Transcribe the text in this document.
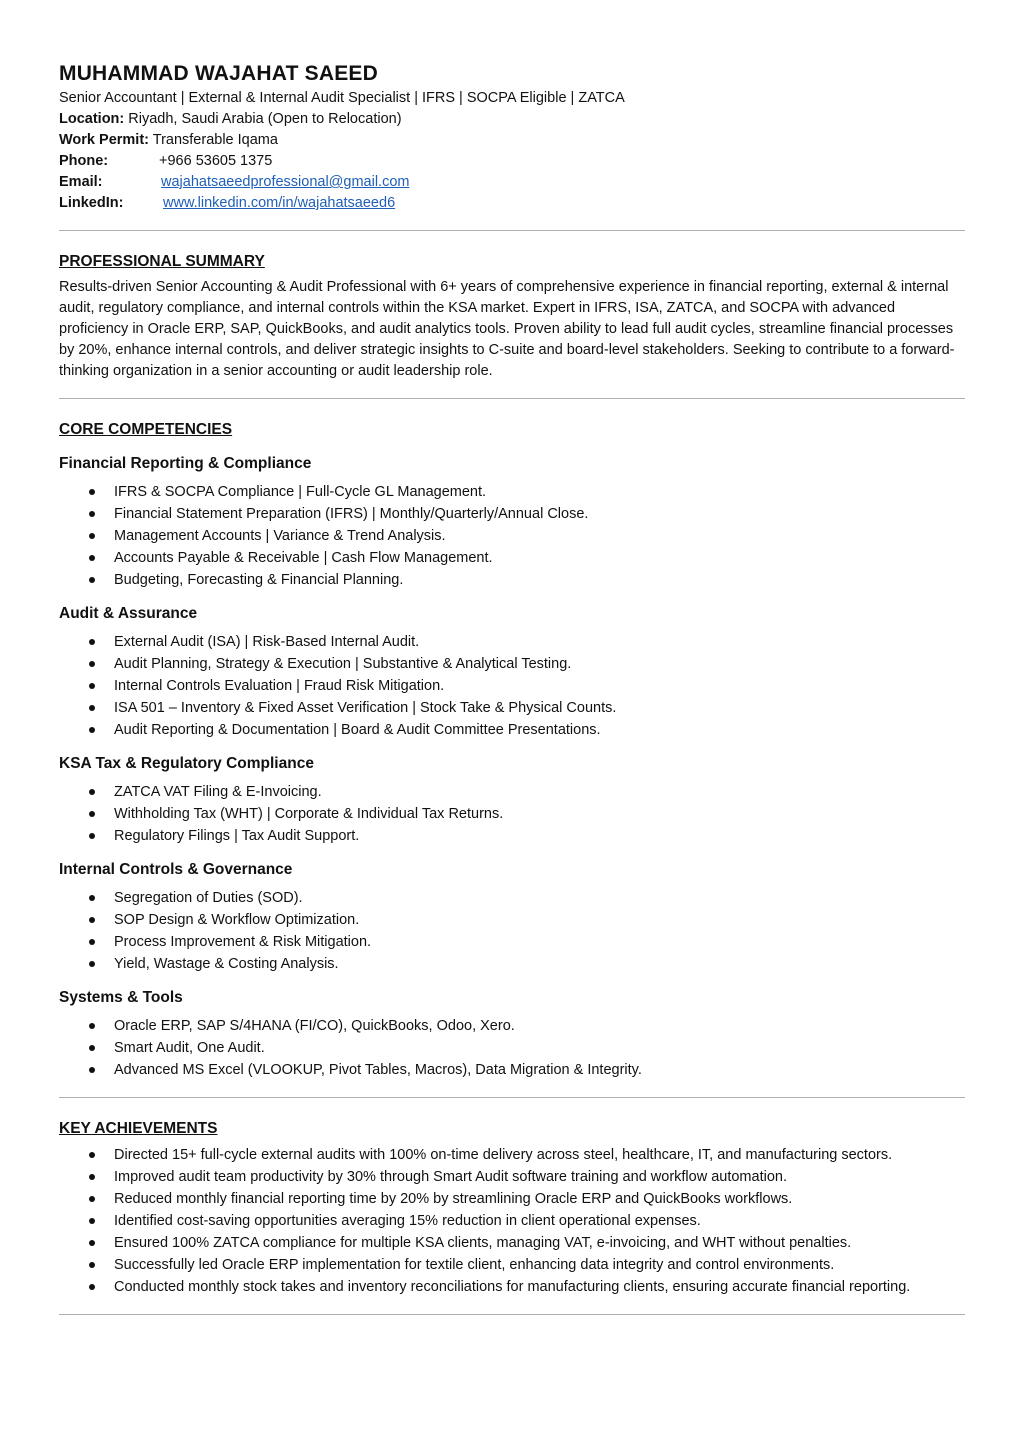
MUHAMMAD WAJAHAT SAEED

Senior Accountant | External & Internal Audit Specialist | IFRS | SOCPA Eligible | ZATCA

Location: Riyadh, Saudi Arabia (Open to Relocation)

Work Permit: Transferable Iqama

Phone:	+966 53605 1375

Email:	wajahatsaeedprofessional@gmail.com

LinkedIn:	www.linkedin.com/in/wajahatsaeed6

PROFESSIONAL SUMMARY

Results-driven Senior Accounting & Audit Professional with 6+ years of comprehensive experience in financial reporting, external & internal audit, regulatory compliance, and internal controls within the KSA market. Expert in IFRS, ISA, ZATCA, and SOCPA with advanced proficiency in Oracle ERP, SAP, QuickBooks, and audit analytics tools. Proven ability to lead full audit cycles, streamline financial processes by 20%, enhance internal controls, and deliver strategic insights to C-suite and board-level stakeholders. Seeking to contribute to a forward-thinking organization in a senior accounting or audit leadership role.

CORE COMPETENCIES
Financial Reporting & Compliance
IFRS & SOCPA Compliance | Full-Cycle GL Management.
Financial Statement Preparation (IFRS) | Monthly/Quarterly/Annual Close.
Management Accounts | Variance & Trend Analysis.
Accounts Payable & Receivable | Cash Flow Management.
Budgeting, Forecasting & Financial Planning.
Audit & Assurance
External Audit (ISA) | Risk-Based Internal Audit.
Audit Planning, Strategy & Execution | Substantive & Analytical Testing.
Internal Controls Evaluation | Fraud Risk Mitigation.
ISA 501 – Inventory & Fixed Asset Verification | Stock Take & Physical Counts.
Audit Reporting & Documentation | Board & Audit Committee Presentations.
KSA Tax & Regulatory Compliance
ZATCA VAT Filing & E-Invoicing.
Withholding Tax (WHT) | Corporate & Individual Tax Returns.
Regulatory Filings | Tax Audit Support.
Internal Controls & Governance
Segregation of Duties (SOD).
SOP Design & Workflow Optimization.
Process Improvement & Risk Mitigation.
Yield, Wastage & Costing Analysis.
Systems & Tools
Oracle ERP, SAP S/4HANA (FI/CO), QuickBooks, Odoo, Xero.
Smart Audit, One Audit.
Advanced MS Excel (VLOOKUP, Pivot Tables, Macros), Data Migration & Integrity.
KEY ACHIEVEMENTS
Directed 15+ full-cycle external audits with 100% on-time delivery across steel, healthcare, IT, and manufacturing sectors.
Improved audit team productivity by 30% through Smart Audit software training and workflow automation.
Reduced monthly financial reporting time by 20% by streamlining Oracle ERP and QuickBooks workflows.
Identified cost-saving opportunities averaging 15% reduction in client operational expenses.
Ensured 100% ZATCA compliance for multiple KSA clients, managing VAT, e-invoicing, and WHT without penalties.
Successfully led Oracle ERP implementation for textile client, enhancing data integrity and control environments.
Conducted monthly stock takes and inventory reconciliations for manufacturing clients, ensuring accurate financial reporting.
